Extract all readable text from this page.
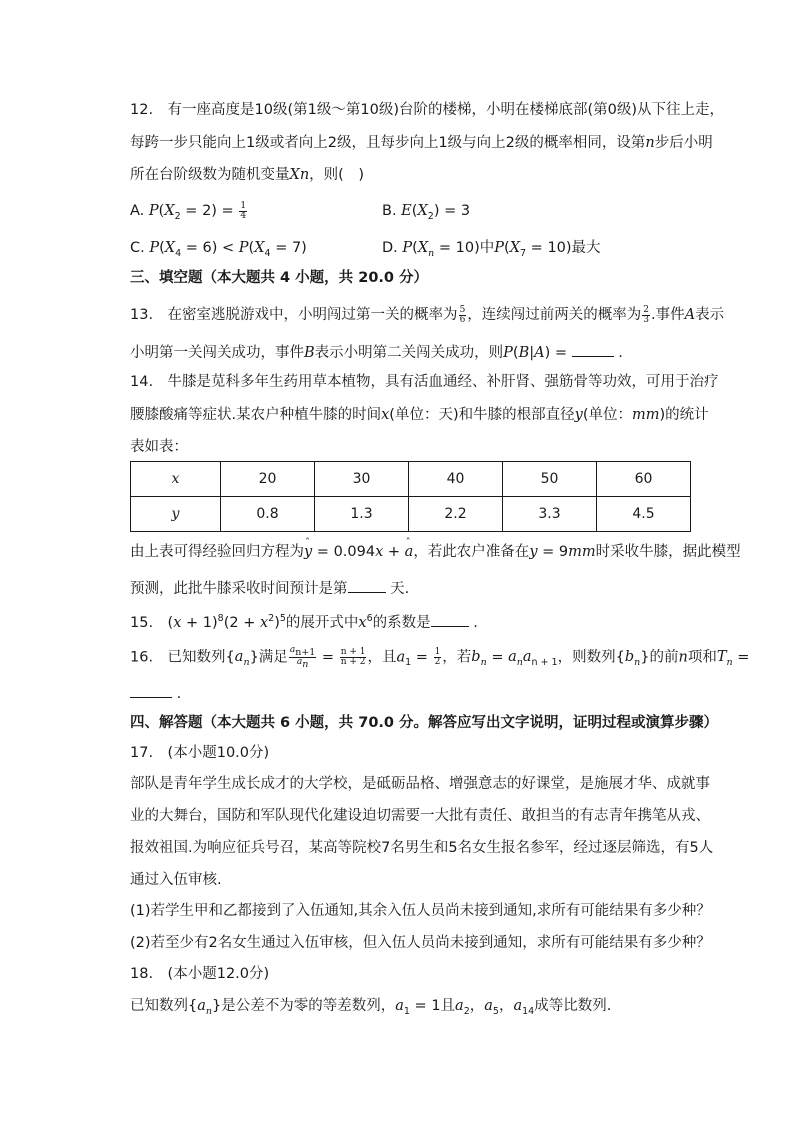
12.　有一座高度是10级(第1级～第10级)台阶的楼梯，小明在楼梯底部(第0级)从下往上走，
每跨一步只能向上1级或者向上2级，且每步向上1级与向上2级的概率相同，设第n步后小明
所在台阶级数为随机变量Xn，则(　)
A. $P(X_2 = 2) = \frac{1}{4}$	B. $E(X_2) = 3$
C. $P(X_4 = 6) < P(X_4 = 7)$	D. $P(X_n = 10)$中$P(X_7 = 10)$最大
三、填空题（本大题共 4 小题，共 20.0 分）
13.　在密室逃脱游戏中，小明闯过第一关的概率为 $\frac{5}{6}$ ，连续闯过前两关的概率为 $\frac{2}{3}$ .事件A表示
小明第一关闯关成功，事件B表示小明第二关闯关成功，则P(B|A) =	.
14.　牛膝是苋科多年生药用草本植物，具有活血通经、补肝肾、强筋骨等功效，可用于治疗
腰膝酸痛等症状.某农户种植牛膝的时间x(单位：天)和牛膝的根部直径y(单位：mm)的统计
表如表：
x	20	30	40	50	60
y	0.8	1.3	2.2	3.3	4.5
由上表可得经验回归方程为ˆ y = 0.094x + ˆ a，若此农户准备在y = 9mm时采收牛膝，据此模型
预测，此批牛膝采收时间预计是第	天.
15.　$(x + 1)^8(2 + x^2)^5$的展开式中$x^6$的系数是	.
16.　已知数列$\{a_n\}$满足 $\frac{a_{n+1}}{a_n} = \frac{n + 1}{n + 2}$ ，且$a_1 = \frac{1}{2}$ ，若$b_n = a_na_{n + 1}$，则数列$\{b_n\}$的前n项和$T_n$ =
.
四、解答题（本大题共 6 小题，共 70.0 分。解答应写出文字说明，证明过程或演算步骤）
17.　(本小题10.0分)
部队是青年学生成长成才的大学校，是砥砺品格、增强意志的好课堂，是施展才华、成就事
业的大舞台，国防和军队现代化建设迫切需要一大批有责任、敢担当的有志青年携笔从戎、
报效祖国.为响应征兵号召，某高等院校7名男生和5名女生报名参军，经过逐层筛选，有5人
通过入伍审核.
(1)若学生甲和乙都接到了入伍通知,其余入伍人员尚未接到通知,求所有可能结果有多少种？
(2)若至少有2名女生通过入伍审核，但入伍人员尚未接到通知，求所有可能结果有多少种？
18.　(本小题12.0分)
已知数列$\{a_n\}$是公差不为零的等差数列，$a_1 = 1$且$a_2$，$a_5$，$a_{14}$成等比数列.
